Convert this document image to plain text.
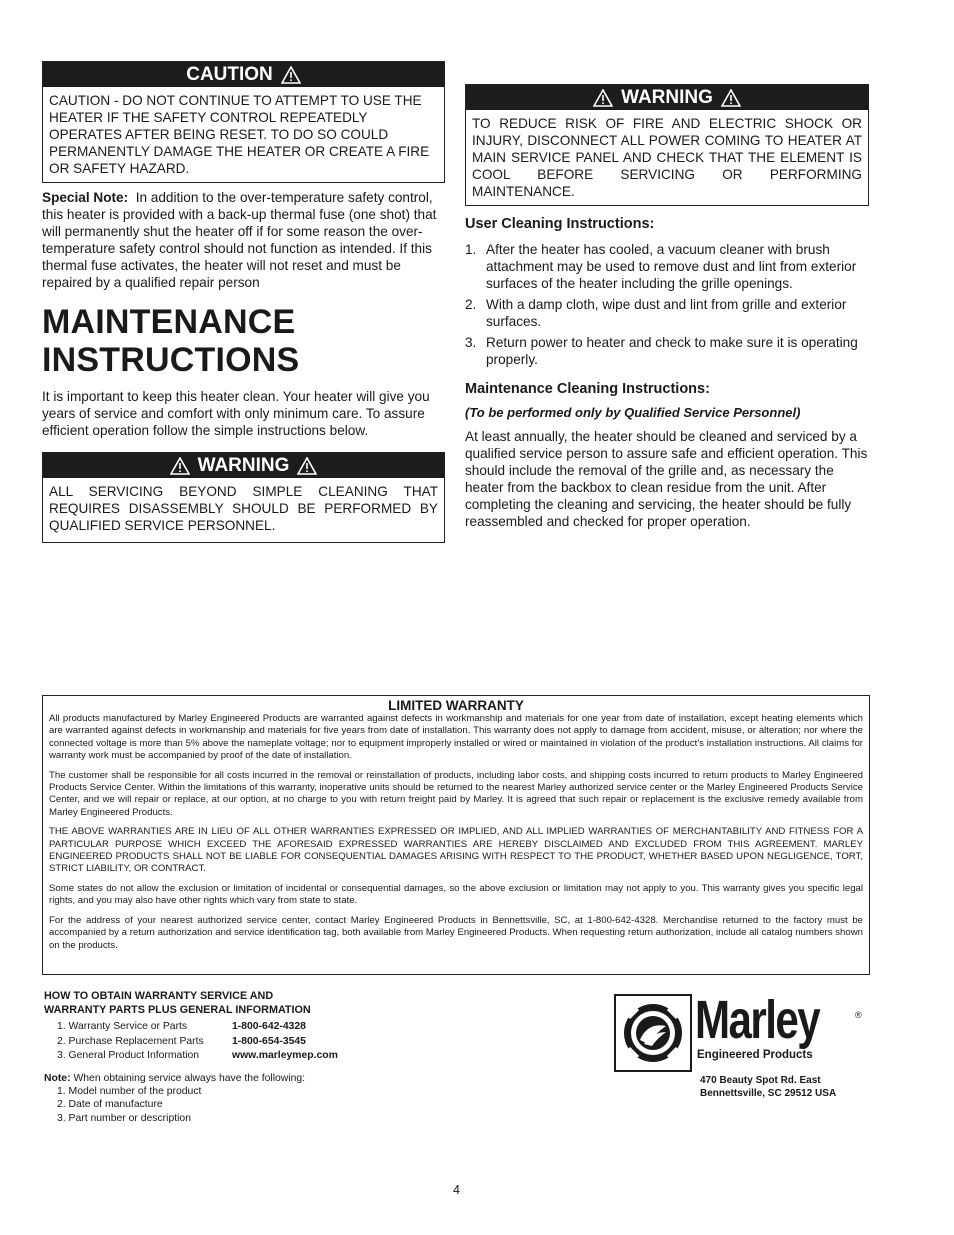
CAUTION
CAUTION - DO NOT CONTINUE TO ATTEMPT TO USE THE HEATER IF THE SAFETY CONTROL REPEATEDLY OPERATES AFTER BEING RESET. TO DO SO COULD PERMANENTLY DAMAGE THE HEATER OR CREATE A FIRE OR SAFETY HAZARD.
Special Note: In addition to the over-temperature safety control, this heater is provided with a back-up thermal fuse (one shot) that will permanently shut the heater off if for some reason the over-temperature safety control should not function as intended. If this thermal fuse activates, the heater will not reset and must be repaired by a qualified repair person
MAINTENANCE
INSTRUCTIONS
It is important to keep this heater clean. Your heater will give you years of service and comfort with only minimum care. To assure efficient operation follow the simple instructions below.
WARNING
ALL SERVICING BEYOND SIMPLE CLEANING THAT REQUIRES DISASSEMBLY SHOULD BE PERFORMED BY QUALIFIED SERVICE PERSONNEL.
WARNING
TO REDUCE RISK OF FIRE AND ELECTRIC SHOCK OR INJURY, DISCONNECT ALL POWER COMING TO HEATER AT MAIN SERVICE PANEL AND CHECK THAT THE ELEMENT IS COOL BEFORE SERVICING OR PERFORMING MAINTENANCE.
User Cleaning Instructions:
1. After the heater has cooled, a vacuum cleaner with brush attachment may be used to remove dust and lint from exterior surfaces of the heater including the grille openings.
2. With a damp cloth, wipe dust and lint from grille and exterior surfaces.
3. Return power to heater and check to make sure it is operating properly.
Maintenance Cleaning Instructions:
(To be performed only by Qualified Service Personnel)
At least annually, the heater should be cleaned and serviced by a qualified service person to assure safe and efficient operation. This should include the removal of the grille and, as necessary the heater from the backbox to clean residue from the unit. After completing the cleaning and servicing, the heater should be fully reassembled and checked for proper operation.
LIMITED WARRANTY

All products manufactured by Marley Engineered Products are warranted against defects in workmanship and materials for one year from date of installation, except heating elements which are warranted against defects in workmanship and materials for five years from date of installation. This warranty does not apply to damage from accident, misuse, or alteration; nor where the connected voltage is more than 5% above the nameplate voltage; nor to equipment improperly installed or wired or maintained in violation of the product's installation instructions. All claims for warranty work must be accompanied by proof of the date of installation.

The customer shall be responsible for all costs incurred in the removal or reinstallation of products, including labor costs, and shipping costs incurred to return products to Marley Engineered Products Service Center. Within the limitations of this warranty, inoperative units should be returned to the nearest Marley authorized service center or the Marley Engineered Products Service Center, and we will repair or replace, at our option, at no charge to you with return freight paid by Marley. It is agreed that such repair or replacement is the exclusive remedy available from Marley Engineered Products.

THE ABOVE WARRANTIES ARE IN LIEU OF ALL OTHER WARRANTIES EXPRESSED OR IMPLIED, AND ALL IMPLIED WARRANTIES OF MERCHANTABILITY AND FITNESS FOR A PARTICULAR PURPOSE WHICH EXCEED THE AFORESAID EXPRESSED WARRANTIES ARE HEREBY DISCLAIMED AND EXCLUDED FROM THIS AGREEMENT. MARLEY ENGINEERED PRODUCTS SHALL NOT BE LIABLE FOR CONSEQUENTIAL DAMAGES ARISING WITH RESPECT TO THE PRODUCT, WHETHER BASED UPON NEGLIGENCE, TORT, STRICT LIABILITY, OR CONTRACT.

Some states do not allow the exclusion or limitation of incidental or consequential damages, so the above exclusion or limitation may not apply to you. This warranty gives you specific legal rights, and you may also have other rights which vary from state to state.

For the address of your nearest authorized service center, contact Marley Engineered Products in Bennettsville, SC, at 1-800-642-4328. Merchandise returned to the factory must be accompanied by a return authorization and service identification tag, both available from Marley Engineered Products. When requesting return authorization, include all catalog numbers shown on the products.

HOW TO OBTAIN WARRANTY SERVICE AND
WARRANTY PARTS PLUS GENERAL INFORMATION
1. Warranty Service or Parts	1-800-642-4328
2. Purchase Replacement Parts	1-800-654-3545
3. General Product Information	www.marleymep.com
Note: When obtaining service always have the following:
1. Model number of the product
2. Date of manufacture
3. Part number or description
Marley	®
Engineered Products
470 Beauty Spot Rd. East
Bennettsville, SC 29512 USA
4
